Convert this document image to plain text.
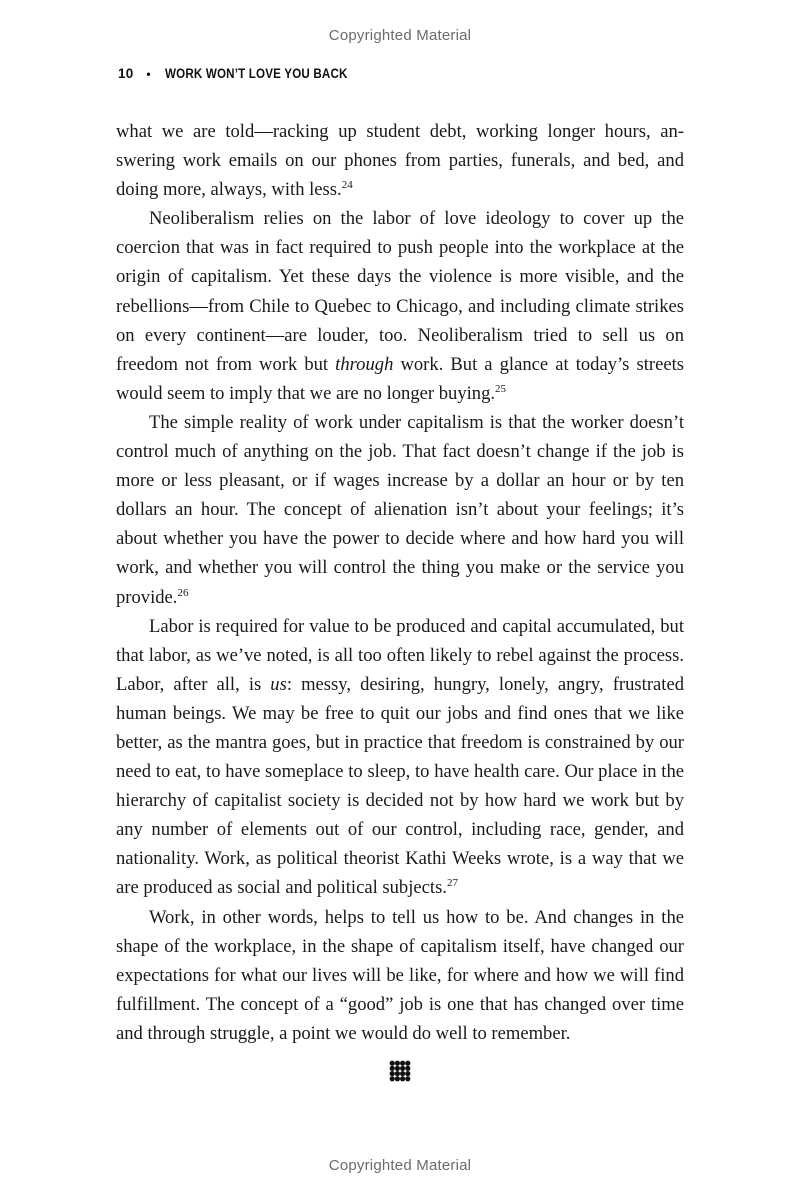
Copyrighted Material
10 • WORK WON’T LOVE YOU BACK

what we are told—racking up student debt, working longer hours, answering work emails on our phones from parties, funerals, and bed, and doing more, always, with less.$^{24}$

Neoliberalism relies on the labor of love ideology to cover up the coercion that was in fact required to push people into the workplace at the origin of capitalism. Yet these days the violence is more visible, and the rebellions—from Chile to Quebec to Chicago, and including climate strikes on every continent—are louder, too. Neoliberalism tried to sell us on freedom not from work but through work. But a glance at today’s streets would seem to imply that we are no longer buying.$^{25}$

The simple reality of work under capitalism is that the worker doesn’t control much of anything on the job. That fact doesn’t change if the job is more or less pleasant, or if wages increase by a dollar an hour or by ten dollars an hour. The concept of alienation isn’t about your feelings; it’s about whether you have the power to decide where and how hard you will work, and whether you will control the thing you make or the service you provide.$^{26}$

Labor is required for value to be produced and capital accumulated, but that labor, as we’ve noted, is all too often likely to rebel against the process. Labor, after all, is us: messy, desiring, hungry, lonely, angry, frustrated human beings. We may be free to quit our jobs and find ones that we like better, as the mantra goes, but in practice that freedom is constrained by our need to eat, to have someplace to sleep, to have health care. Our place in the hierarchy of capitalist society is decided not by how hard we work but by any number of elements out of our control, including race, gender, and nationality. Work, as political theorist Kathi Weeks wrote, is a way that we are produced as social and political subjects.$^{27}$

Work, in other words, helps to tell us how to be. And changes in the shape of the workplace, in the shape of capitalism itself, have changed our expectations for what our lives will be like, for where and how we will find fulfillment. The concept of a “good” job is one that has changed over time and through struggle, a point we would do well to remember.

Copyrighted Material
